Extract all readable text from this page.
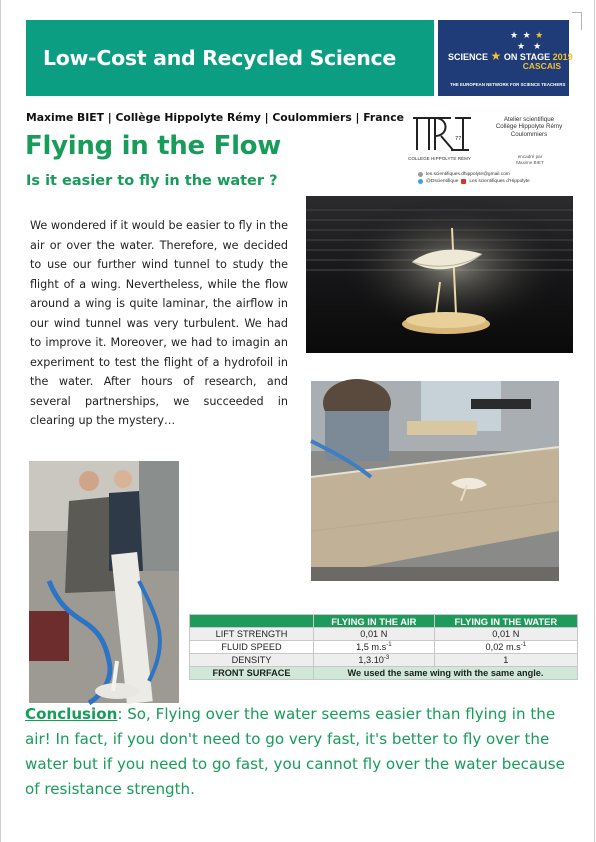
Low-Cost and Recycled Science
★ ★ ★
★  ★
SCIENCE ★ ON STAGE 2019
CASCAIS
THE EUROPEAN NETWORK FOR SCIENCE TEACHERS
Maxime BIET | Collège Hippolyte Rémy | Coulommiers | France
Flying in the Flow
Is it easier to fly in the water ?
77
COLLEGE HIPPOLYTE RÉMY
Atelier scientifique
Collège Hippolyte Rémy
Coulommiers
encadré par
Maxime BIET
les.scientifiques.dhippolyte@gmail.com
@Dscientifique Les scientifiques d'Hippolyte
We wondered if it would be easier to fly in the air or over the water. Therefore, we decided to use our further wind tunnel to study the flight of a wing. Nevertheless, while the flow around a wing is quite laminar, the airflow in our wind tunnel was very turbulent. We had to improve it. Moreover, we had to imagin an experiment to test the flight of a hydrofoil in the water. After hours of research, and several partnerships, we succeeded in clearing up the mystery…
	FLYING IN THE AIR	FLYING IN THE WATER
LIFT STRENGTH	0,01 N	0,01 N
FLUID SPEED	1,5 $m.s^{-1}$	0,02 $m.s^{-1}$
DENSITY	$1,3.10^{-3}$	1
FRONT SURFACE	We used the same wing with the same angle.	
Conclusion: So, Flying over the water seems easier than flying in the air! In fact, if you don't need to go very fast, it's better to fly over the water but if you need to go fast, you cannot fly over the water because of resistance strength.
